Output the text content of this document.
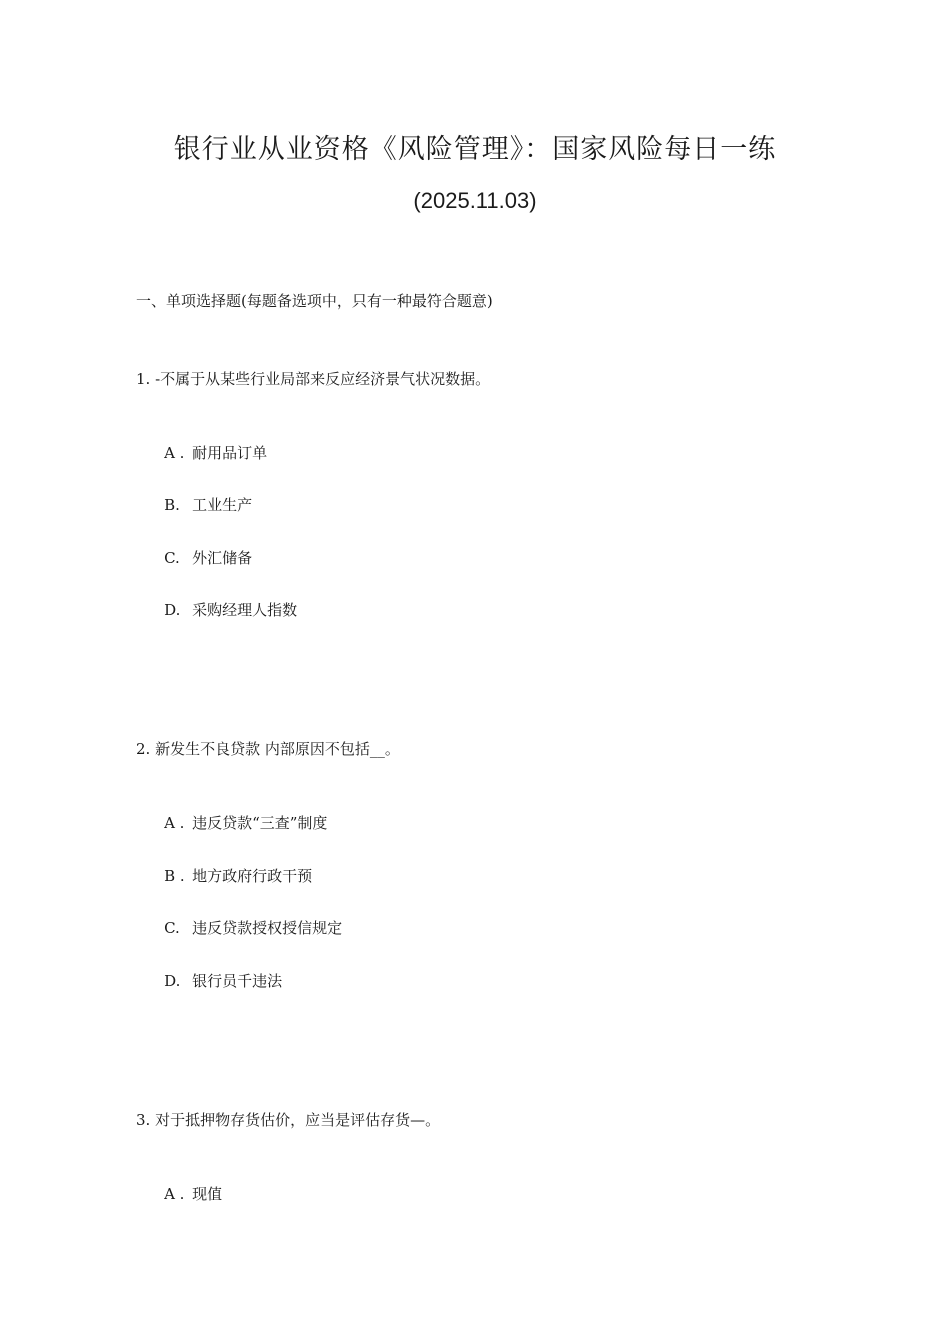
银行业从业资格《风险管理》：国家风险每日一练
(2025.11.03)
一、单项选择题(每题备选项中，只有一种最符合题意)
1. -不属于从某些行业局部来反应经济景气状况数据。

A . 耐用品订单

B. 工业生产

C. 外汇储备

D. 采购经理人指数

2. 新发生不良贷款 内部原因不包括__。

A . 违反贷款“三查”制度

B . 地方政府行政干预

C. 违反贷款授权授信规定

D. 银行员千违法

3. 对于抵押物存货估价，应当是评估存货—。

A . 现值
